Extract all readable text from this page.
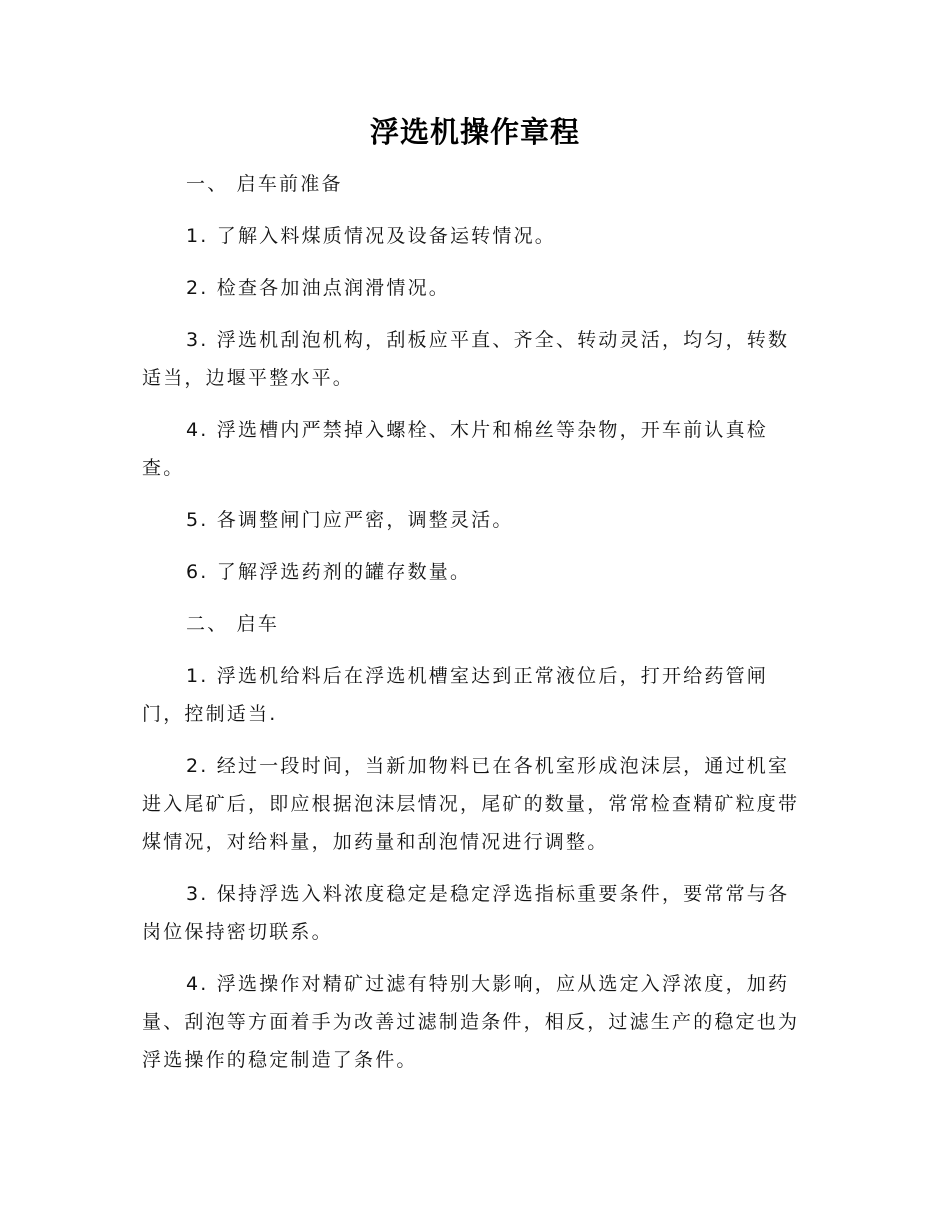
浮选机操作章程

一、 启车前准备

1. 了解入料煤质情况及设备运转情况。

2. 检查各加油点润滑情况。

3. 浮选机刮泡机构，刮板应平直、齐全、转动灵活，均匀，转数适当，边堰平整水平。

4. 浮选槽内严禁掉入螺栓、木片和棉丝等杂物，开车前认真检查。

5. 各调整闸门应严密，调整灵活。

6. 了解浮选药剂的罐存数量。

二、 启车

1. 浮选机给料后在浮选机槽室达到正常液位后，打开给药管闸门，控制适当.

2. 经过一段时间，当新加物料已在各机室形成泡沫层，通过机室进入尾矿后，即应根据泡沫层情况，尾矿的数量，常常检查精矿粒度带煤情况，对给料量，加药量和刮泡情况进行调整。

3. 保持浮选入料浓度稳定是稳定浮选指标重要条件，要常常与各岗位保持密切联系。

4. 浮选操作对精矿过滤有特别大影响，应从选定入浮浓度，加药量、刮泡等方面着手为改善过滤制造条件，相反，过滤生产的稳定也为浮选操作的稳定制造了条件。
